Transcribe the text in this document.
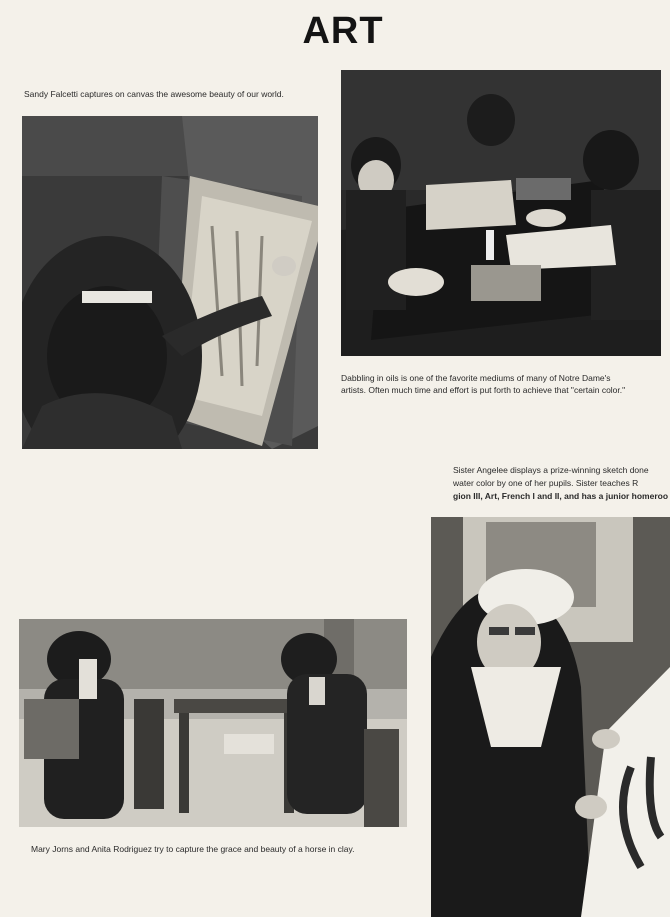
ART
Sandy Falcetti captures on canvas the awesome beauty of our world.
Dabbling in oils is one of the favorite mediums of many of Notre Dame's
artists. Often much time and effort is put forth to achieve that "certain color."
Sister Angelee displays a prize-winning sketch done
water color by one of her pupils. Sister teaches R
gion III, Art, French I and II, and has a junior homeroo
Mary Jorns and Anita Rodriguez try to capture the grace and beauty of a horse in clay.
